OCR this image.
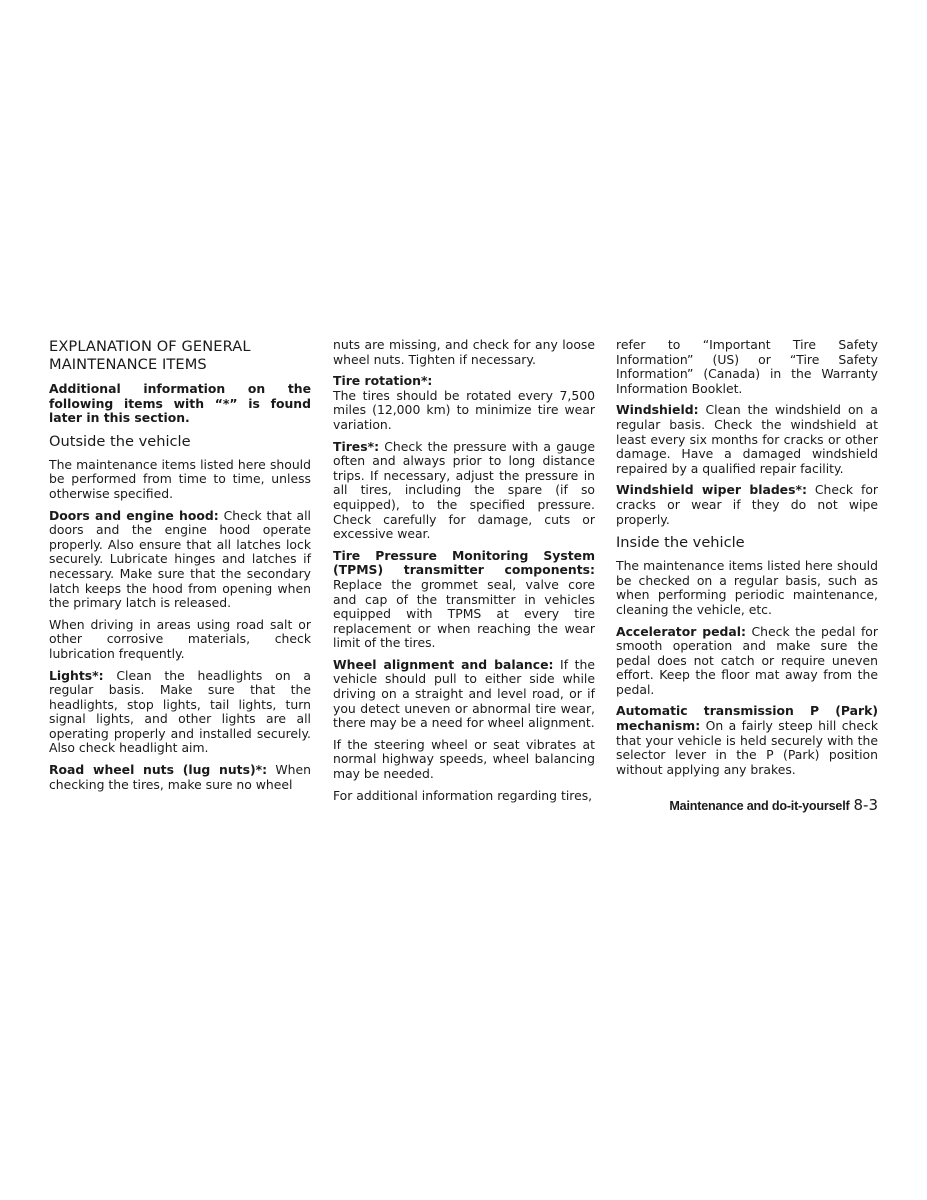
EXPLANATION OF GENERAL
MAINTENANCE ITEMS

Additional information on the following items with “*” is found later in this section.

Outside the vehicle

The maintenance items listed here should be performed from time to time, unless otherwise specified.

Doors and engine hood: Check that all doors and the engine hood operate properly. Also ensure that all latches lock securely. Lubricate hinges and latches if necessary. Make sure that the secondary latch keeps the hood from opening when the primary latch is released.

When driving in areas using road salt or other corrosive materials, check lubrication frequently.

Lights*: Clean the headlights on a regular basis. Make sure that the headlights, stop lights, tail lights, turn signal lights, and other lights are all operating properly and installed securely. Also check headlight aim.

Road wheel nuts (lug nuts)*: When checking the tires, make sure no wheel

nuts are missing, and check for any loose wheel nuts. Tighten if necessary.

Tire rotation*:
The tires should be rotated every 7,500 miles (12,000 km) to minimize tire wear variation.

Tires*: Check the pressure with a gauge often and always prior to long distance trips. If necessary, adjust the pressure in all tires, including the spare (if so equipped), to the specified pressure. Check carefully for damage, cuts or excessive wear.

Tire Pressure Monitoring System (TPMS) transmitter components: Replace the grommet seal, valve core and cap of the transmitter in vehicles equipped with TPMS at every tire replacement or when reaching the wear limit of the tires.

Wheel alignment and balance: If the vehicle should pull to either side while driving on a straight and level road, or if you detect uneven or abnormal tire wear, there may be a need for wheel alignment.

If the steering wheel or seat vibrates at normal highway speeds, wheel balancing may be needed.

For additional information regarding tires,

refer to “Important Tire Safety Information” (US) or “Tire Safety Information” (Canada) in the Warranty Information Booklet.

Windshield: Clean the windshield on a regular basis. Check the windshield at least every six months for cracks or other damage. Have a damaged windshield repaired by a qualified repair facility.

Windshield wiper blades*: Check for cracks or wear if they do not wipe properly.

Inside the vehicle

The maintenance items listed here should be checked on a regular basis, such as when performing periodic maintenance, cleaning the vehicle, etc.

Accelerator pedal: Check the pedal for smooth operation and make sure the pedal does not catch or require uneven effort. Keep the floor mat away from the pedal.

Automatic transmission P (Park) mechanism: On a fairly steep hill check that your vehicle is held securely with the selector lever in the P (Park) position without applying any brakes.

Maintenance and do-it-yourself 8-3
